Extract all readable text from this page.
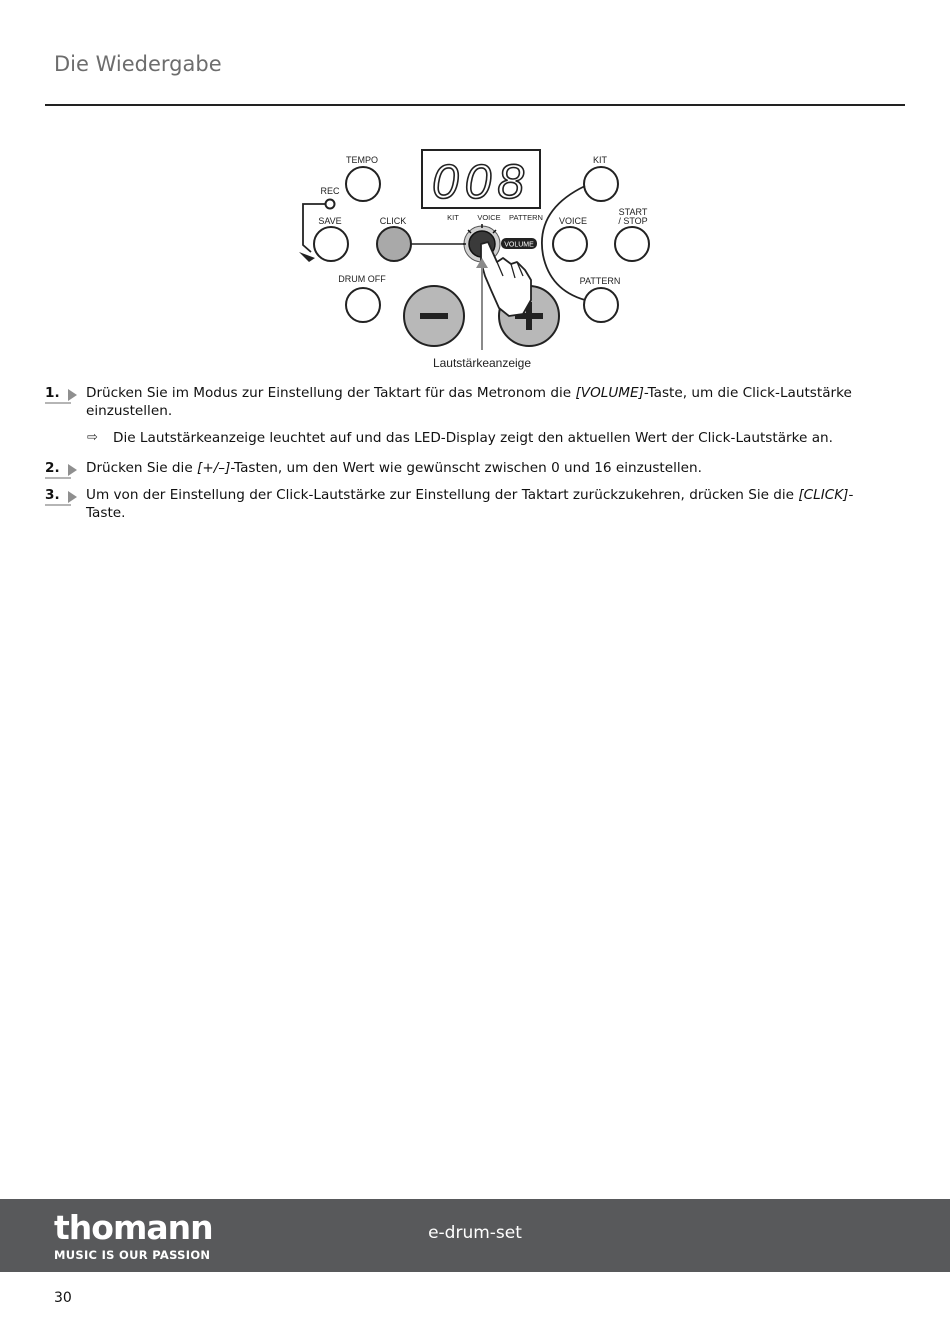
Die Wiedergabe
008
KIT VOICE PATTERN
TEMPO	KIT
REC
SAVE	CLICK
VOLUME
VOICE
START
/ STOP
PATTERN
DRUM OFF
Lautstärkeanzeige
1.	Drücken Sie im Modus zur Einstellung der Taktart für das Metronom die [VOLUME]-Taste, um die Click-Lautstärke einzustellen.
⇨ Die Lautstärkeanzeige leuchtet auf und das LED-Display zeigt den aktuellen Wert der Click-Lautstärke an.
2.	Drücken Sie die [+/–]-Tasten, um den Wert wie gewünscht zwischen 0 und 16 einzustellen.
3.	Um von der Einstellung der Click-Lautstärke zur Einstellung der Taktart zurückzukehren, drücken Sie die [CLICK]-Taste.
thomann
MUSIC IS OUR PASSION
e-drum-set
30
